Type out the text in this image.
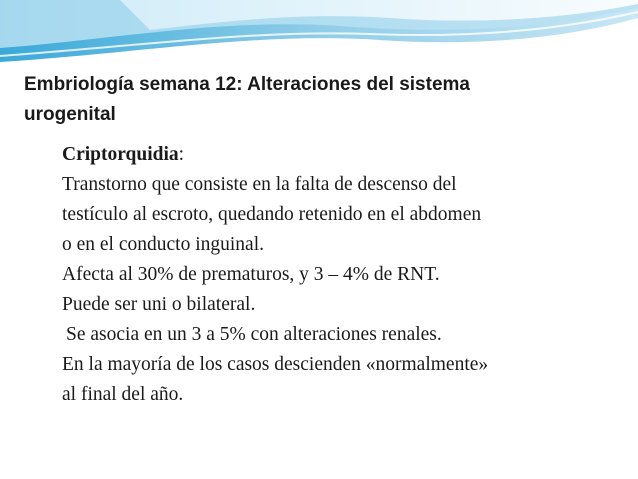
Embriología semana 12: Alteraciones del sistema
urogenital
Criptorquidia:
Transtorno que consiste en la falta de descenso del
testículo al escroto, quedando retenido en el abdomen
o en el conducto inguinal.
Afecta al 30% de prematuros, y 3 – 4% de RNT.
Puede ser uni o bilateral.
Se asocia en un 3 a 5% con alteraciones renales.
En la mayoría de los casos descienden «normalmente»
al final del año.
